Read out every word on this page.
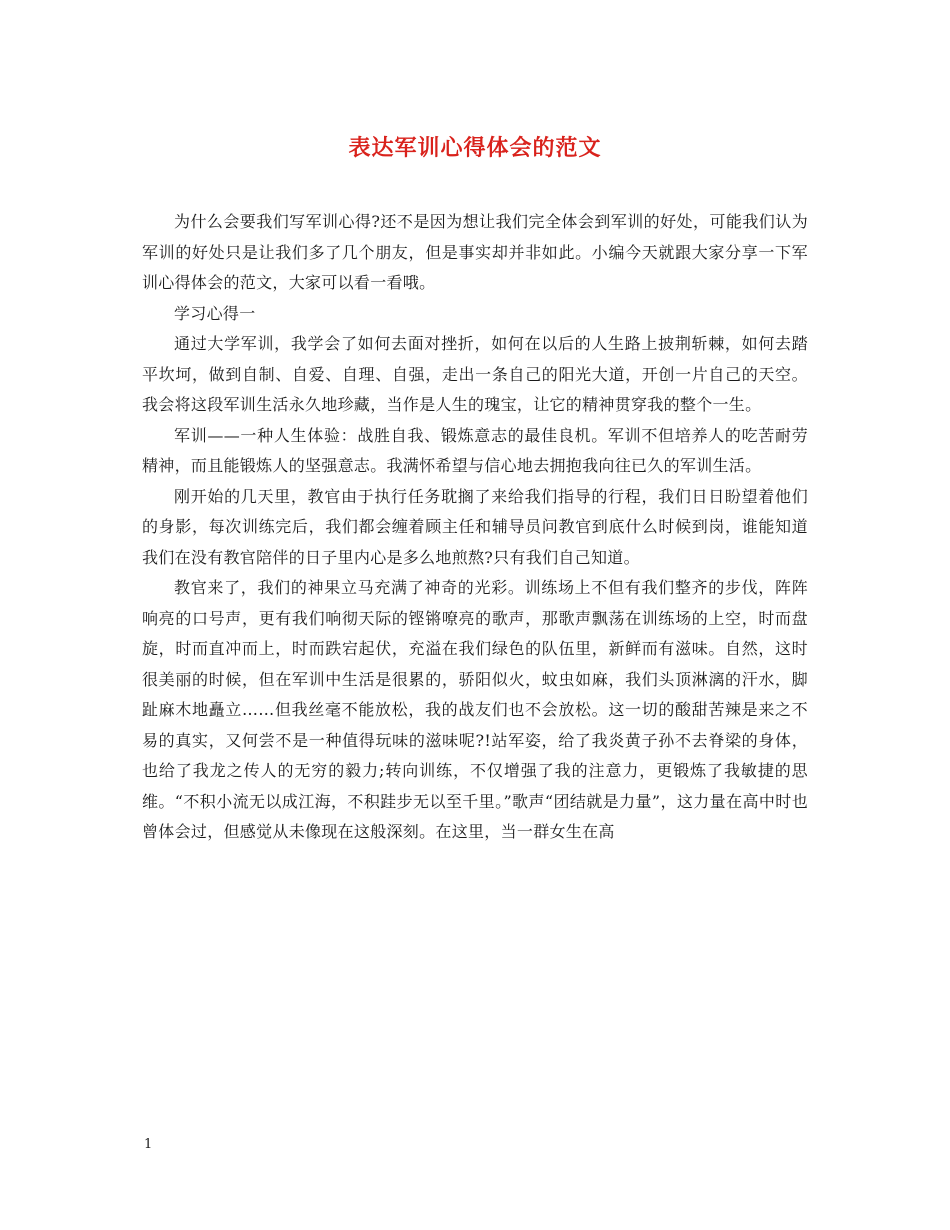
表达军训心得体会的范文

为什么会要我们写军训心得?还不是因为想让我们完全体会到军训的好处，可能我们认为军训的好处只是让我们多了几个朋友，但是事实却并非如此。小编今天就跟大家分享一下军训心得体会的范文，大家可以看一看哦。

学习心得一

通过大学军训，我学会了如何去面对挫折，如何在以后的人生路上披荆斩棘，如何去踏平坎坷，做到自制、自爱、自理、自强，走出一条自己的阳光大道，开创一片自己的天空。我会将这段军训生活永久地珍藏，当作是人生的瑰宝，让它的精神贯穿我的整个一生。

军训——一种人生体验：战胜自我、锻炼意志的最佳良机。军训不但培养人的吃苦耐劳精神，而且能锻炼人的坚强意志。我满怀希望与信心地去拥抱我向往已久的军训生活。

刚开始的几天里，教官由于执行任务耽搁了来给我们指导的行程，我们日日盼望着他们的身影，每次训练完后，我们都会缠着顾主任和辅导员问教官到底什么时候到岗，谁能知道我们在没有教官陪伴的日子里内心是多么地煎熬?只有我们自己知道。

教官来了，我们的神果立马充满了神奇的光彩。训练场上不但有我们整齐的步伐，阵阵响亮的口号声，更有我们响彻天际的铿锵嘹亮的歌声，那歌声飘荡在训练场的上空，时而盘旋，时而直冲而上，时而跌宕起伏，充溢在我们绿色的队伍里，新鲜而有滋味。自然，这时很美丽的时候，但在军训中生活是很累的，骄阳似火，蚊虫如麻，我们头顶淋漓的汗水，脚趾麻木地矗立……但我丝毫不能放松，我的战友们也不会放松。这一切的酸甜苦辣是来之不易的真实，又何尝不是一种值得玩味的滋味呢?!站军姿，给了我炎黄子孙不去脊梁的身体，也给了我龙之传人的无穷的毅力;转向训练，不仅增强了我的注意力，更锻炼了我敏捷的思维。“不积小流无以成江海，不积跬步无以至千里。”歌声“团结就是力量”，这力量在高中时也曾体会过，但感觉从未像现在这般深刻。在这里，当一群女生在高

1
